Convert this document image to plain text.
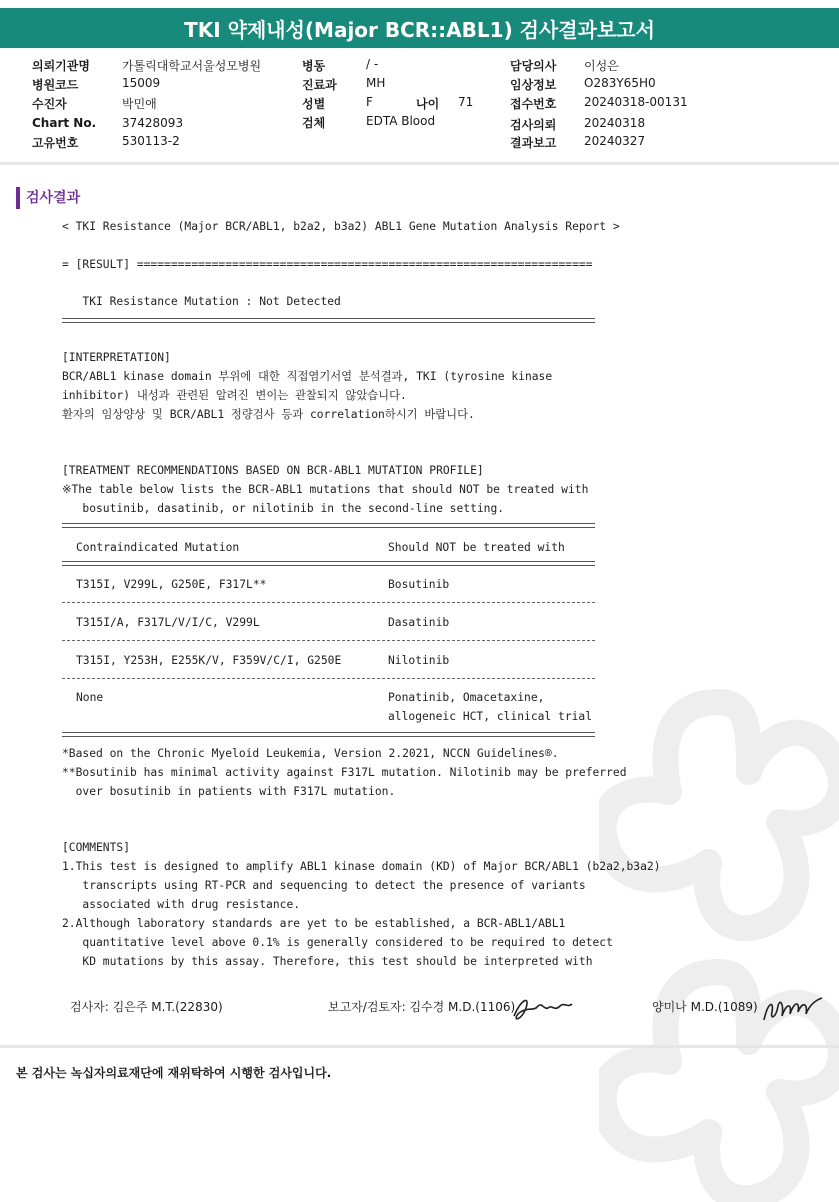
TKI 약제내성(Major BCR::ABL1) 검사결과보고서
의뢰기관명	가톨릭대학교서울성모병원
병원코드	15009
수진자	박민애
Chart No. 37428093
고유번호	530113-2
병동	/ -
진료과 MH
성별	F	나이 71
검체	EDTA Blood
담당의사 이성은
임상정보 O283Y65H0
접수번호 20240318-00131
검사의뢰 20240318
결과보고 20240327
검사결과
< TKI Resistance (Major BCR/ABL1, b2a2, b3a2) ABL1 Gene Mutation Analysis Report >
= [RESULT] ===================================================================
TKI Resistance Mutation : Not Detected
[INTERPRETATION]
BCR/ABL1 kinase domain 부위에 대한 직접염기서열 분석결과, TKI (tyrosine kinase
inhibitor) 내성과 관련된 알려진 변이는 관찰되지 않았습니다.
환자의 임상양상 및 BCR/ABL1 정량검사 등과 correlation하시기 바랍니다.
[TREATMENT RECOMMENDATIONS BASED ON BCR-ABL1 MUTATION PROFILE]
※The table below lists the BCR-ABL1 mutations that should NOT be treated with
bosutinib, dasatinib, or nilotinib in the second-line setting.
Contraindicated Mutation	Should NOT be treated with
T315I, V299L, G250E, F317L**	Bosutinib
T315I/A, F317L/V/I/C, V299L	Dasatinib
T315I, Y253H, E255K/V, F359V/C/I, G250E	Nilotinib
None	Ponatinib, Omacetaxine,
allogeneic HCT, clinical trial
*Based on the Chronic Myeloid Leukemia, Version 2.2021, NCCN Guidelines®.
**Bosutinib has minimal activity against F317L mutation. Nilotinib may be preferred
over bosutinib in patients with F317L mutation.
[COMMENTS]
1.This test is designed to amplify ABL1 kinase domain (KD) of Major BCR/ABL1 (b2a2,b3a2)
transcripts using RT-PCR and sequencing to detect the presence of variants
associated with drug resistance.
2.Although laboratory standards are yet to be established, a BCR-ABL1/ABL1
quantitative level above 0.1% is generally considered to be required to detect
KD mutations by this assay. Therefore, this test should be interpreted with
검사자: 김은주 M.T.(22830)	보고자/검토자: 김수경 M.D.(1106)	양미나 M.D.(1089)
본 검사는 녹십자의료재단에 재위탁하여 시행한 검사입니다.
